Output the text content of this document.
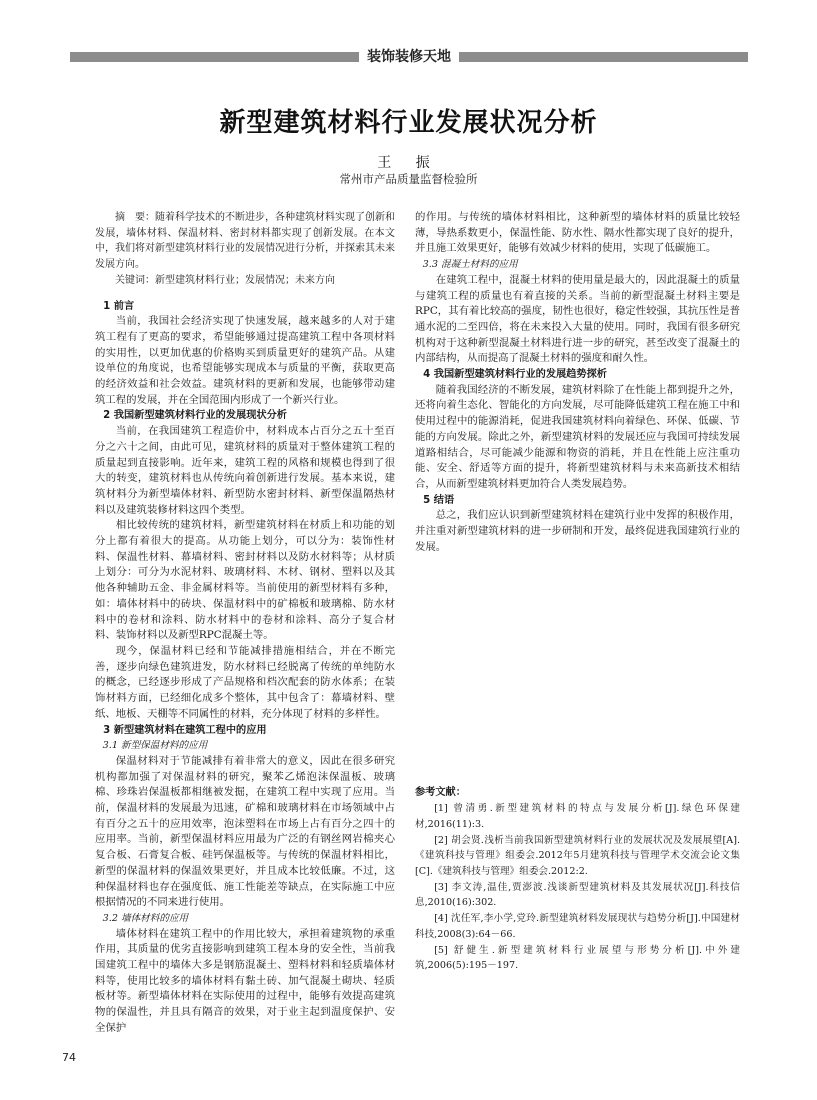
装饰装修天地
新型建筑材料行业发展状况分析
王 振
常州市产品质量监督检验所

摘　要：随着科学技术的不断进步，各种建筑材料实现了创新和发展，墙体材料、保温材料、密封材料都实现了创新发展。在本文中，我们将对新型建筑材料行业的发展情况进行分析，并探索其未来发展方向。

关键词：新型建筑材料行业；发展情况；未来方向

1 前言

当前，我国社会经济实现了快速发展，越来越多的人对于建筑工程有了更高的要求，希望能够通过提高建筑工程中各项材料的实用性，以更加优惠的价格购买到质量更好的建筑产品。从建设单位的角度说，也希望能够实现成本与质量的平衡，获取更高的经济效益和社会效益。建筑材料的更新和发展，也能够带动建筑工程的发展，并在全国范围内形成了一个新兴行业。

2 我国新型建筑材料行业的发展现状分析

当前，在我国建筑工程造价中，材料成本占百分之五十至百分之六十之间，由此可见，建筑材料的质量对于整体建筑工程的质量起到直接影响。近年来，建筑工程的风格和规模也得到了很大的转变，建筑材料也从传统向着创新进行发展。基本来说，建筑材料分为新型墙体材料、新型防水密封材料、新型保温隔热材料以及建筑装修材料这四个类型。

相比较传统的建筑材料，新型建筑材料在材质上和功能的划分上都有着很大的提高。从功能上划分，可以分为：装饰性材料、保温性材料、幕墙材料、密封材料以及防水材料等；从材质上划分：可分为水泥材料、玻璃材料、木材、钢材、塑料以及其他各种辅助五金、非金属材料等。当前使用的新型材料有多种，如：墙体材料中的砖块、保温材料中的矿棉板和玻璃棉、防水材料中的卷材和涂料、防水材料中的卷材和涂料、高分子复合材料、装饰材料以及新型RPC混凝土等。

现今，保温材料已经和节能减排措施相结合，并在不断完善，逐步向绿色建筑进发，防水材料已经脱离了传统的单纯防水的概念，已经逐步形成了产品规格和档次配套的防水体系；在装饰材料方面，已经细化成多个整体，其中包含了：幕墙材料、壁纸、地板、天棚等不同属性的材料，充分体现了材料的多样性。

3 新型建筑材料在建筑工程中的应用

3.1 新型保温材料的应用

保温材料对于节能减排有着非常大的意义，因此在很多研究机构都加强了对保温材料的研究，聚苯乙烯泡沫保温板、玻璃棉、珍珠岩保温板都相继被发掘，在建筑工程中实现了应用。当前，保温材料的发展最为迅速，矿棉和玻璃材料在市场领域中占有百分之五十的应用效率，泡沫塑料在市场上占有百分之四十的应用率。当前，新型保温材料应用最为广泛的有钢丝网岩棉夹心复合板、石膏复合板、硅钙保温板等。与传统的保温材料相比，新型的保温材料的保温效果更好，并且成本比较低廉。不过，这种保温材料也存在强度低、施工性能差等缺点，在实际施工中应根据情况的不同来进行使用。

3.2 墙体材料的应用

墙体材料在建筑工程中的作用比较大，承担着建筑物的承重作用，其质量的优劣直接影响到建筑工程本身的安全性，当前我国建筑工程中的墙体大多是钢筋混凝土、塑料材料和轻质墙体材料等，使用比较多的墙体材料有黏土砖、加气混凝土砌块、轻质板材等。新型墙体材料在实际使用的过程中，能够有效提高建筑物的保温性，并且具有隔音的效果，对于业主起到温度保护、安全保护

的作用。与传统的墙体材料相比，这种新型的墙体材料的质量比较轻薄，导热系数更小，保温性能、防水性、隔水性都实现了良好的提升，并且施工效果更好，能够有效减少材料的使用，实现了低碳施工。

3.3 混凝土材料的应用

在建筑工程中，混凝土材料的使用量是最大的，因此混凝土的质量与建筑工程的质量也有着直接的关系。当前的新型混凝土材料主要是RPC，其有着比较高的强度，韧性也很好，稳定性较强，其抗压性是普通水泥的二至四倍，将在未来投入大量的使用。同时，我国有很多研究机构对于这种新型混凝土材料进行进一步的研究，甚至改变了混凝土的内部结构，从而提高了混凝土材料的强度和耐久性。

4 我国新型建筑材料行业的发展趋势探析

随着我国经济的不断发展，建筑材料除了在性能上都到提升之外，还将向着生态化、智能化的方向发展，尽可能降低建筑工程在施工中和使用过程中的能源消耗，促进我国建筑材料向着绿色、环保、低碳、节能的方向发展。除此之外，新型建筑材料的发展还应与我国可持续发展道路相结合，尽可能减少能源和物资的消耗，并且在性能上应注重功能、安全、舒适等方面的提升，将新型建筑材料与未来高新技术相结合，从而新型建筑材料更加符合人类发展趋势。

5 结语

总之，我们应认识到新型建筑材料在建筑行业中发挥的积极作用，并注重对新型建筑材料的进一步研制和开发，最终促进我国建筑行业的发展。

参考文献：

[1] 曾清勇.新型建筑材料的特点与发展分析[J].绿色环保建材,2016(11):3.

[2] 胡会贤.浅析当前我国新型建筑材料行业的发展状况及发展展望[A].《建筑科技与管理》组委会.2012年5月建筑科技与管理学术交流会论文集[C].《建筑科技与管理》组委会.2012:2.

[3] 李文涛,温佳,贾澎波.浅谈新型建筑材料及其发展状况[J].科技信息,2010(16):302.

[4] 沈任军,李小学,党玲.新型建筑材料发展现状与趋势分析[J].中国建材科技,2008(3):64－66.

[5] 舒健生.新型建筑材料行业展望与形势分析[J].中外建筑,2006(5):195－197.

74
